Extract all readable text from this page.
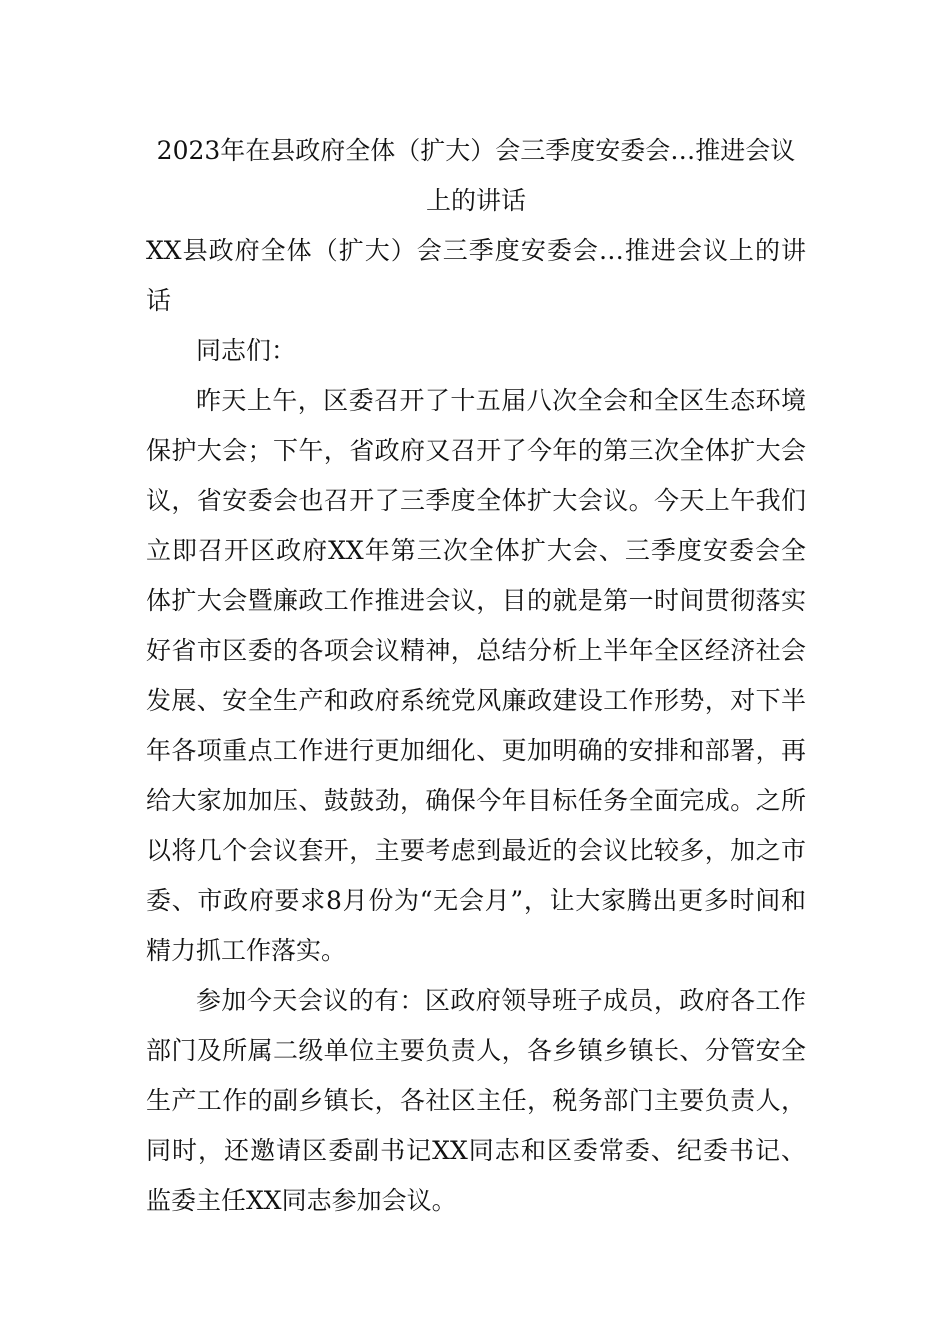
2023年在县政府全体（扩大）会三季度安委会…推进会议上的讲话

XX县政府全体（扩大）会三季度安委会…推进会议上的讲话

同志们：

昨天上午，区委召开了十五届八次全会和全区生态环境保护大会；下午，省政府又召开了今年的第三次全体扩大会议，省安委会也召开了三季度全体扩大会议。今天上午我们立即召开区政府XX年第三次全体扩大会、三季度安委会全体扩大会暨廉政工作推进会议，目的就是第一时间贯彻落实好省市区委的各项会议精神，总结分析上半年全区经济社会发展、安全生产和政府系统党风廉政建设工作形势，对下半年各项重点工作进行更加细化、更加明确的安排和部署，再给大家加加压、鼓鼓劲，确保今年目标任务全面完成。之所以将几个会议套开，主要考虑到最近的会议比较多，加之市委、市政府要求8月份为“无会月”，让大家腾出更多时间和精力抓工作落实。

参加今天会议的有：区政府领导班子成员，政府各工作部门及所属二级单位主要负责人，各乡镇乡镇长、分管安全生产工作的副乡镇长，各社区主任，税务部门主要负责人，同时，还邀请区委副书记XX同志和区委常委、纪委书记、监委主任XX同志参加会议。
